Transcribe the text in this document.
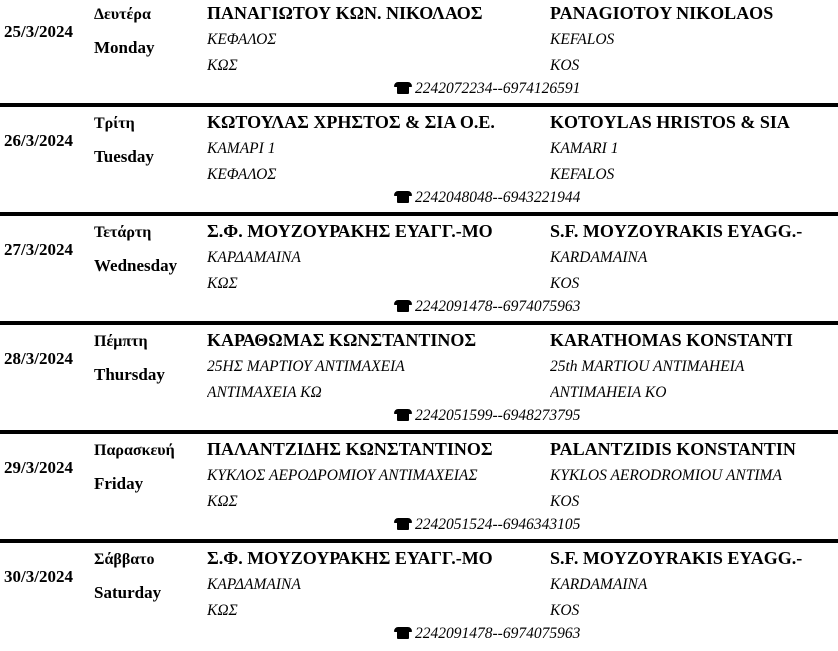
25/3/2024
Δευτέρα
Monday
ΠΑΝΑΓΙΩΤΟΥ ΚΩΝ. ΝΙΚΟΛΑΟΣ	PANAGIOTOY NIKOLAOS
ΚΕΦΑΛΟΣ	KEFALOS
ΚΩΣ	KOS
2242072234--6974126591
26/3/2024
Τρίτη
Tuesday
ΚΩΤΟΥΛΑΣ ΧΡΗΣΤΟΣ & ΣΙΑ Ο.Ε.	KOTOYLAS HRISTOS & SIA
ΚΑΜΑΡΙ 1	KAMARI 1
ΚΕΦΑΛΟΣ	KEFALOS
2242048048--6943221944
27/3/2024
Τετάρτη
Wednesday
Σ.Φ. ΜΟΥΖΟΥΡΑΚΗΣ ΕΥΑΓΓ.-ΜΟ	S.F. MOYZOYRAKIS EYAGG.-
ΚΑΡΔΑΜΑΙΝΑ	KARDAMAINA
ΚΩΣ	KOS
2242091478--6974075963
28/3/2024
Πέμπτη
Thursday
ΚΑΡΑΘΩΜΑΣ ΚΩΝΣΤΑΝΤΙΝΟΣ	KARATHOMAS KONSTANTI
25ΗΣ ΜΑΡΤΙΟΥ ΑΝΤΙΜΑΧΕΙΑ	25th MARTIOU ANTIMAHEIA
ΑΝΤΙΜΑΧΕΙΑ ΚΩ	ANTIMAHEIA KO
2242051599--6948273795
29/3/2024
Παρασκευή
Friday
ΠΑΛΑΝΤΖΙΔΗΣ ΚΩΝΣΤΑΝΤΙΝΟΣ	PALANTZIDIS KONSTANTIN
ΚΥΚΛΟΣ ΑΕΡΟΔΡΟΜΙΟΥ ΑΝΤΙΜΑΧΕΙΑΣ	KYKLOS AERODROMIOU ANTIMA
ΚΩΣ	KOS
2242051524--6946343105
30/3/2024
Σάββατο
Saturday
Σ.Φ. ΜΟΥΖΟΥΡΑΚΗΣ ΕΥΑΓΓ.-ΜΟ	S.F. MOYZOYRAKIS EYAGG.-
ΚΑΡΔΑΜΑΙΝΑ	KARDAMAINA
ΚΩΣ	KOS
2242091478--6974075963
